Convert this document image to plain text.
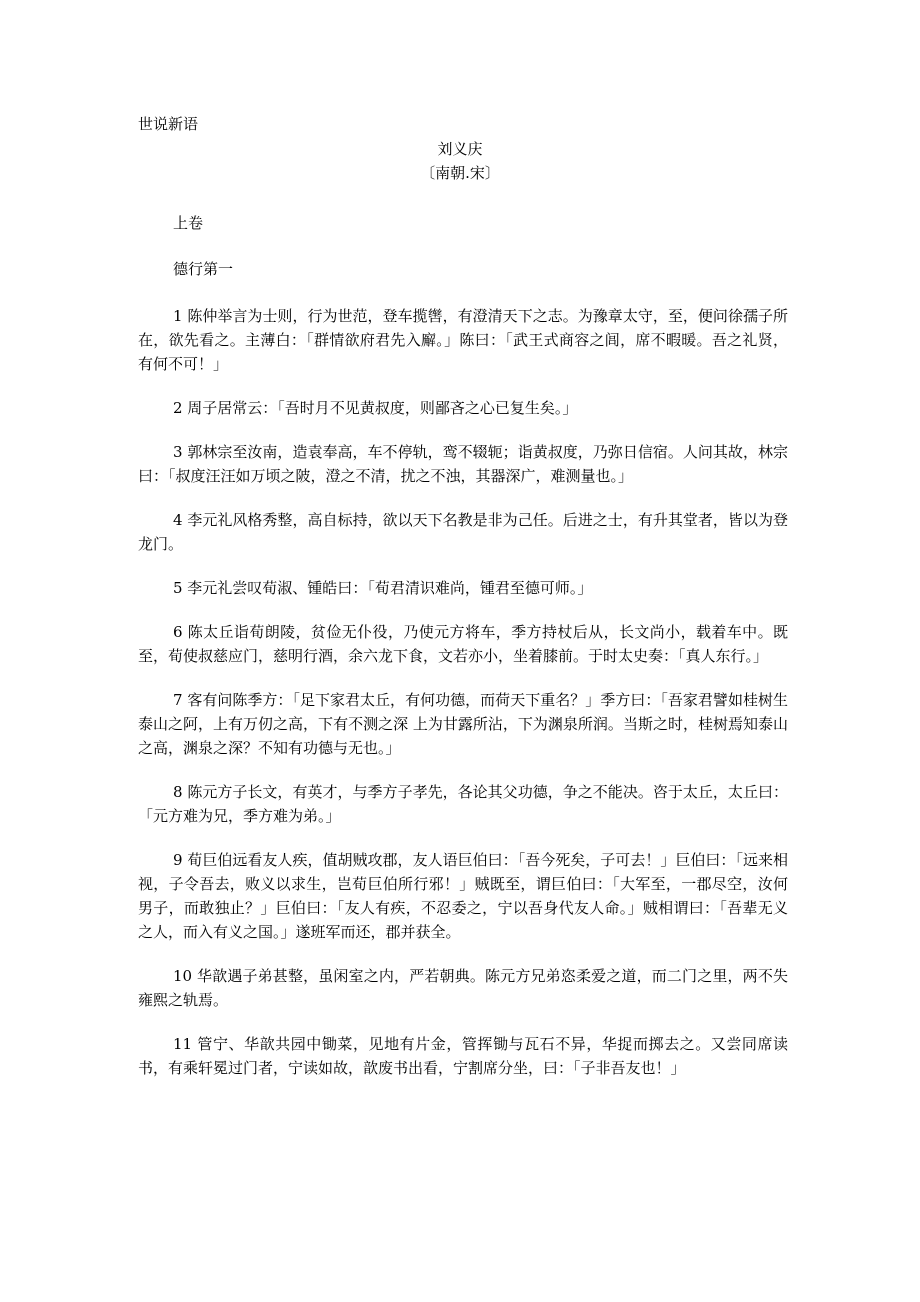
世说新语
刘义庆
〔南朝.宋〕
上卷
德行第一

1 陈仲举言为士则，行为世范，登车揽辔，有澄清天下之志。为豫章太守，至，便问徐孺子所在，欲先看之。主薄白：「群情欲府君先入廨。」陈曰：「武王式商容之闾，席不暇暖。吾之礼贤，有何不可！」

2 周子居常云：「吾时月不见黄叔度，则鄙吝之心已复生矣。」

3 郭林宗至汝南，造袁奉高，车不停轨，鸾不辍轭；诣黄叔度，乃弥日信宿。人问其故，林宗曰：「叔度汪汪如万顷之陂，澄之不清，扰之不浊，其器深广，难测量也。」

4 李元礼风格秀整，高自标持，欲以天下名教是非为己任。后进之士，有升其堂者，皆以为登龙门。

5 李元礼尝叹荀淑、锺皓曰：「荀君清识难尚，锺君至德可师。」

6 陈太丘诣荀朗陵，贫俭无仆役，乃使元方将车，季方持杖后从，长文尚小，载着车中。既至，荀使叔慈应门，慈明行酒，余六龙下食，文若亦小，坐着膝前。于时太史奏：「真人东行。」

7 客有问陈季方：「足下家君太丘，有何功德，而荷天下重名？」季方曰：「吾家君譬如桂树生泰山之阿，上有万仞之高，下有不测之深 上为甘露所沾，下为渊泉所润。当斯之时，桂树焉知泰山之高，渊泉之深？不知有功德与无也。」

8 陈元方子长文，有英才，与季方子孝先，各论其父功德，争之不能决。咨于太丘，太丘曰：「元方难为兄，季方难为弟。」

9 荀巨伯远看友人疾，值胡贼攻郡，友人语巨伯曰：「吾今死矣，子可去！」巨伯曰：「远来相视，子令吾去，败义以求生，岂荀巨伯所行邪！」贼既至，谓巨伯曰：「大军至，一郡尽空，汝何男子，而敢独止？」巨伯曰：「友人有疾，不忍委之，宁以吾身代友人命。」贼相谓曰：「吾辈无义之人，而入有义之国。」遂班军而还，郡并获全。

10 华歆遇子弟甚整，虽闲室之内，严若朝典。陈元方兄弟恣柔爱之道，而二门之里，两不失雍熙之轨焉。

11 管宁、华歆共园中锄菜，见地有片金，管挥锄与瓦石不异，华捉而掷去之。又尝同席读书，有乘轩冕过门者，宁读如故，歆废书出看，宁割席分坐，曰：「子非吾友也！」
